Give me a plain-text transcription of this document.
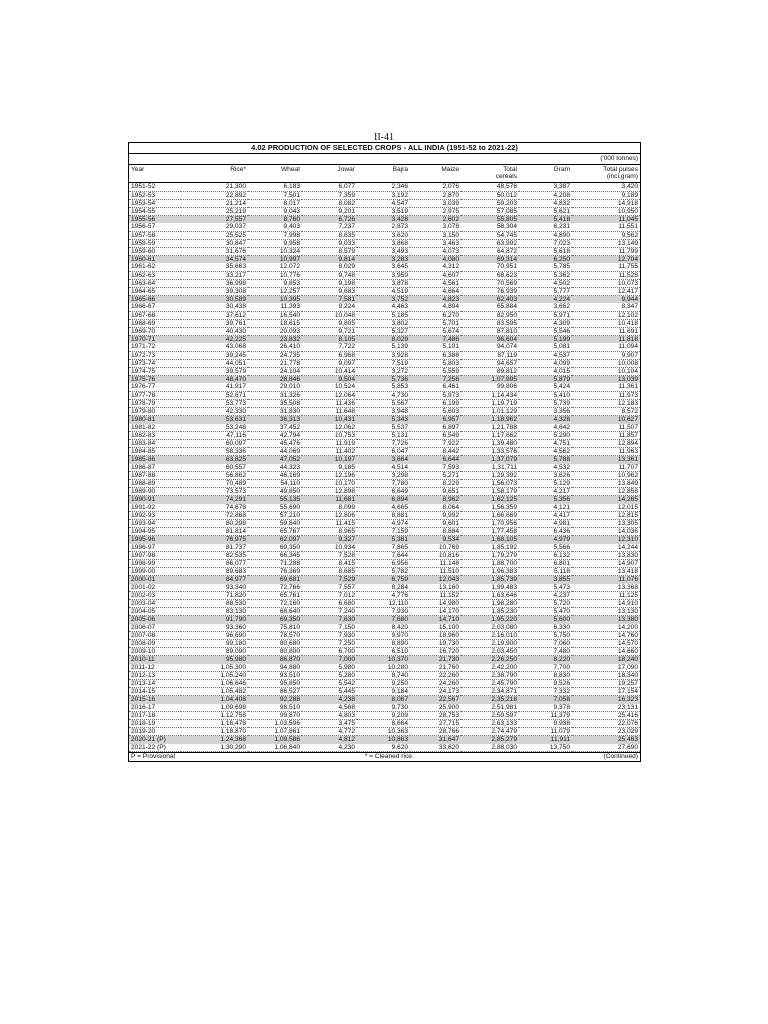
II-41
4.02 PRODUCTION OF SELECTED CROPS - ALL INDIA (1951-52 to 2021-22)
('000 tonnes)
Year	Rice*	Wheat	Jowar	Bajra	Maize	Total	Gram	Total pulses
						cereals		(incl.gram)
1951-52	21,300	6,183	6,077	2,346	2,076	48,576	3,387	3,420
1952-53	22,892	7,501	7,359	3,192	2,870	50,012	4,208	9,189
1953-54	21,214	8,017	8,082	4,547	3,039	59,203	4,832	14,918
1954-55	25,219	9,043	9,201	3,519	2,975	57,085	5,621	10,950
1955-56	27,557	8,760	6,726	3,428	2,602	55,805	5,418	11,045
1956-57	29,037	9,403	7,237	2,873	3,078	58,304	6,231	11,551
1957-58	25,525	7,998	8,635	3,620	3,150	54,745	4,890	9,562
1958-59	30,847	9,958	9,033	3,868	3,463	63,992	7,023	13,149
1959-60	31,676	10,324	8,579	3,493	4,073	64,872	5,618	11,799
1960-61	34,574	10,997	9,814	3,283	4,080	69,314	6,250	12,704
1961-62	35,663	12,072	8,029	3,645	4,312	70,951	5,785	11,755
1962-63	33,217	10,776	9,748	3,959	4,607	68,623	5,362	11,528
1963-64	36,998	9,853	9,198	3,878	4,561	70,569	4,502	10,073
1964-65	39,308	12,257	9,683	4,519	4,664	76,939	5,777	12,417
1965-66	30,589	10,395	7,581	3,752	4,823	62,403	4,224	9,944
1966-67	30,438	11,393	9,224	4,463	4,894	65,884	3,662	8,347
1967-68	37,612	16,540	10,048	5,185	6,270	82,950	5,971	12,102
1968-69	39,761	18,615	9,805	3,802	5,701	83,595	4,309	10,418
1969-70	40,430	20,093	9,721	5,327	5,674	87,810	5,546	11,691
1970-71	42,225	23,832	8,105	8,029	7,486	96,604	5,199	11,818
1971-72	43,068	26,410	7,722	5,139	5,101	94,074	5,081	11,094
1972-73	39,245	24,735	6,968	3,928	6,388	87,119	4,537	9,907
1973-74	44,051	21,778	9,097	7,519	5,803	94,657	4,099	10,008
1974-75	39,579	24,104	10,414	3,272	5,559	89,812	4,015	10,104
1975-76	48,470	28,846	9,504	5,736	7,256	1,07,995	5,879	13,039
1976-77	41,917	29,010	10,524	5,853	6,461	99,806	5,424	11,361
1977-78	52,671	31,326	12,064	4,730	5,973	1,14,434	5,410	11,973
1978-79	53,773	35,508	11,436	5,567	6,199	1,19,719	5,739	12,183
1979-80	42,330	31,830	11,648	3,948	5,603	1,01,129	3,356	8,572
1980-81	53,631	36,313	10,431	5,343	6,957	1,18,962	4,328	10,627
1981-82	53,248	37,452	12,062	5,537	6,897	1,21,788	4,642	11,507
1982-83	47,116	42,794	10,753	5,131	6,549	1,17,662	5,290	11,857
1983-84	60,097	45,476	11,919	7,726	7,922	1,39,480	4,751	12,894
1984-85	58,336	44,069	11,402	6,047	8,442	1,33,576	4,562	11,963
1985-86	63,825	47,052	10,197	3,664	6,644	1,37,079	5,788	13,361
1986-87	60,557	44,323	9,185	4,514	7,593	1,31,711	4,532	11,707
1987-88	56,862	46,169	12,196	3,298	5,271	1,29,392	3,626	10,962
1988-89	70,489	54,110	10,170	7,780	8,229	1,56,073	5,129	13,849
1989-90	73,573	49,850	12,898	6,649	9,651	1,58,179	4,217	12,858
1990-91	74,291	55,135	11,681	6,894	8,962	1,62,125	5,356	14,265
1991-92	74,678	55,690	8,099	4,665	8,064	1,56,359	4,121	12,015
1992-93	72,868	57,210	12,806	8,881	9,992	1,66,669	4,417	12,815
1993-94	80,298	59,840	11,415	4,974	9,601	1,70,956	4,981	13,305
1994-95	81,814	65,767	8,965	7,159	8,884	1,77,458	6,436	14,036
1995-96	76,975	62,097	9,327	5,381	9,534	1,68,105	4,979	12,310
1996-97	81,737	69,350	10,934	7,865	10,769	1,85,192	5,566	14,244
1997-98	82,535	66,345	7,528	7,644	10,816	1,79,279	6,132	13,830
1998-99	86,077	71,288	8,415	6,956	11,148	1,88,700	6,801	14,907
1999-00	89,683	76,369	8,685	5,782	11,510	1,96,383	5,118	13,418
2000-01	84,977	69,681	7,529	6,759	12,043	1,85,739	3,855	11,076
2001-02	93,340	72,766	7,557	8,284	13,160	1,99,483	5,473	13,368
2002-03	71,820	65,761	7,012	4,776	11,152	1,63,646	4,237	11,125
2003-04	88,530	72,160	6,680	12,110	14,980	1,98,280	5,720	14,910
2004-05	83,130	68,640	7,240	7,930	14,170	1,85,230	5,470	13,130
2005-06	91,790	69,350	7,630	7,680	14,710	1,95,220	5,600	13,380
2006-07	93,360	75,810	7,150	8,420	15,100	2,03,080	6,330	14,200
2007-08	96,690	78,570	7,930	9,970	18,960	2,16,010	5,750	14,760
2008-09	99,180	80,680	7,250	8,890	19,730	2,19,900	7,060	14,570
2009-10	89,090	80,800	6,700	6,510	16,720	2,03,450	7,480	14,660
2010-11	95,980	86,870	7,000	10,370	21,730	2,26,250	8,220	18,240
2011-12	1,05,300	94,880	5,980	10,280	21,760	2,42,200	7,700	17,090
2012-13	1,05,240	93,510	5,280	8,740	22,260	2,38,790	8,830	18,340
2013-14	1,06,646	95,850	5,542	9,250	24,260	2,45,790	9,526	19,257
2014-15	1,05,482	86,527	5,445	9,184	24,173	2,34,871	7,332	17,154
2015-16	1,04,408	92,288	4,238	8,067	22,567	2,35,218	7,058	16,323
2016-17	1,09,698	98,510	4,568	9,730	25,900	2,51,981	9,378	23,131
2017-18	1,12,758	99,870	4,803	9,209	28,753	2,59,597	11,379	25,416
2018-19	1,16,478	1,03,596	3,475	8,664	27,715	2,63,133	9,938	22,076
2019-20	1,18,870	1,07,861	4,772	10,363	28,766	2,74,479	11,079	23,029
2020-21 (P)	1,24,368	1,09,586	4,812	10,863	31,647	2,85,279	11,911	25,463
2021-22 (P)	1,30,290	1,06,840	4,230	9,620	33,620	2,88,030	13,750	27,690
P = Provisional	* = Cleaned rice.	(Continued)
